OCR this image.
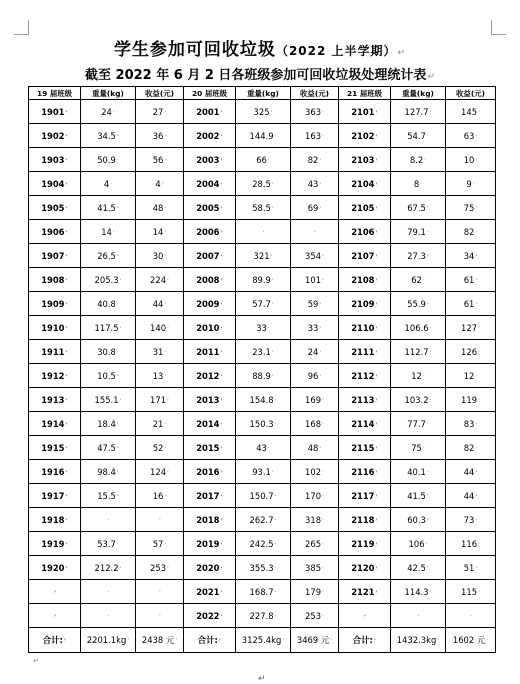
学生参加可回收垃圾（2022 上半学期）↵
截至 2022 年 6 月 2 日各班级参加可回收垃圾处理统计表↵
19 届班级	重量(kg)	收益(元)	20 届班级	重量(kg)	收益(元)	21 届班级	重量(kg)	收益(元)
1901ʼ	24ʼ	27ʼ	2001ʼ	325ʼ	363ʼ	2101ʼ	127.7ʼ	145ʼ
1902ʼ	34.5ʼ	36ʼ	2002ʼ	144.9ʼ	163ʼ	2102ʼ	54.7ʼ	63ʼ
1903ʼ	50.9ʼ	56ʼ	2003ʼ	66ʼ	82ʼ	2103ʼ	8.2ʼ	10ʼ
1904ʼ	4ʼ	4ʼ	2004ʼ	28.5ʼ	43ʼ	2104ʼ	8ʼ	9ʼ
1905ʼ	41.5ʼ	48ʼ	2005ʼ	58.5ʼ	69ʼ	2105ʼ	67.5ʼ	75ʼ
1906ʼ	14ʼ	14ʼ	2006ʼ	ʼ	ʼ	2106ʼ	79.1ʼ	82ʼ
1907ʼ	26.5ʼ	30ʼ	2007ʼ	321ʼ	354ʼ	2107ʼ	27.3ʼ	34ʼ
1908ʼ	205.3ʼ	224ʼ	2008ʼ	89.9ʼ	101ʼ	2108ʼ	62ʼ	61ʼ
1909ʼ	40.8ʼ	44ʼ	2009ʼ	57.7ʼ	59ʼ	2109ʼ	55.9ʼ	61ʼ
1910ʼ	117.5ʼ	140ʼ	2010ʼ	33ʼ	33ʼ	2110ʼ	106.6ʼ	127ʼ
1911ʼ	30.8ʼ	31ʼ	2011ʼ	23.1ʼ	24ʼ	2111ʼ	112.7ʼ	126ʼ
1912ʼ	10.5ʼ	13ʼ	2012ʼ	88.9ʼ	96ʼ	2112ʼ	12ʼ	12ʼ
1913ʼ	155.1ʼ	171ʼ	2013ʼ	154.8ʼ	169ʼ	2113ʼ	103.2ʼ	119ʼ
1914ʼ	18.4ʼ	21ʼ	2014ʼ	150.3ʼ	168ʼ	2114ʼ	77.7ʼ	83ʼ
1915ʼ	47.5ʼ	52ʼ	2015ʼ	43ʼ	48ʼ	2115ʼ	75ʼ	82ʼ
1916ʼ	98.4ʼ	124ʼ	2016ʼ	93.1ʼ	102ʼ	2116ʼ	40.1ʼ	44ʼ
1917ʼ	15.5ʼ	16ʼ	2017ʼ	150.7ʼ	170ʼ	2117ʼ	41.5ʼ	44ʼ
1918ʼ	ʼ	ʼ	2018ʼ	262.7ʼ	318ʼ	2118ʼ	60.3ʼ	73ʼ
1919ʼ	53.7ʼ	57ʼ	2019ʼ	242.5ʼ	265ʼ	2119ʼ	106ʼ	116ʼ
1920ʼ	212.2ʼ	253ʼ	2020ʼ	355.3ʼ	385ʼ	2120ʼ	42.5ʼ	51ʼ
ʼ	ʼ	ʼ	2021ʼ	168.7ʼ	179ʼ	2121ʼ	114.3ʼ	115ʼ
ʼ	ʼ	ʼ	2022ʼ	227.8ʼ	253ʼ	ʼ	ʼ	ʼ
合计:ʼ	2201.1kgʼ	2438 元ʼ	合计:ʼ	3125.4kgʼ	3469 元ʼ	合计:ʼ	1432.3kgʼ	1602 元ʼ
↵
↵
